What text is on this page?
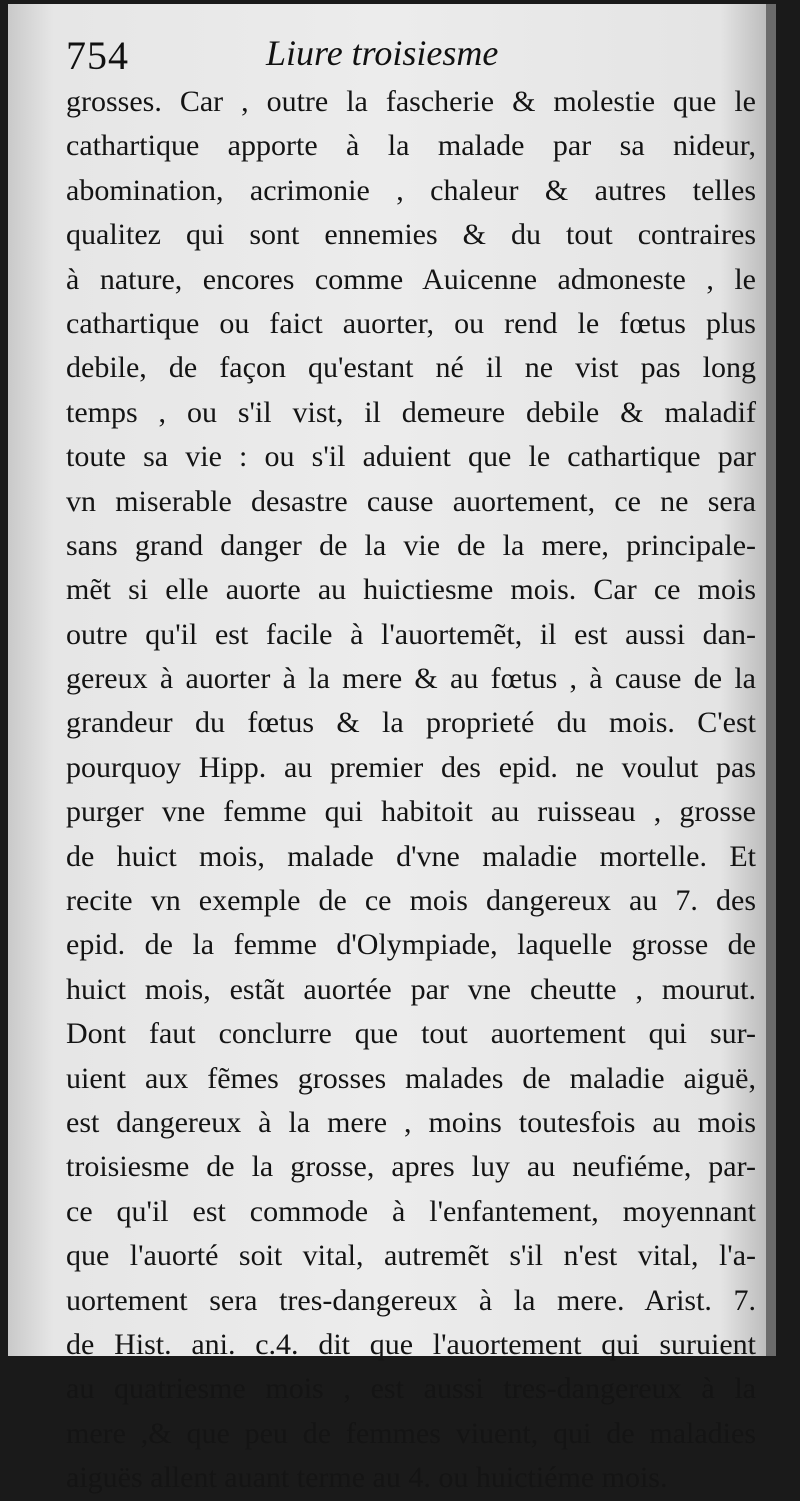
754	Liure troisiesme
grosses. Car , outre la fascherie & molestie que le
cathartique apporte à la malade par sa nideur,
abomination, acrimonie , chaleur & autres telles
qualitez qui sont ennemies & du tout contraires
à nature, encores comme Auicenne admoneste , le
cathartique ou faict auorter, ou rend le fœtus plus
debile, de façon qu'estant né il ne vist pas long
temps , ou s'il vist, il demeure debile & maladif
toute sa vie : ou s'il aduient que le cathartique par
vn miserable desastre cause auortement, ce ne sera
sans grand danger de la vie de la mere, principale-
mẽt si elle auorte au huictiesme mois. Car ce mois
outre qu'il est facile à l'auortemẽt, il est aussi dan-
gereux à auorter à la mere & au fœtus , à cause de la
grandeur du fœtus & la proprieté du mois. C'est
pourquoy Hipp. au premier des epid. ne voulut pas
purger vne femme qui habitoit au ruisseau , grosse
de huict mois, malade d'vne maladie mortelle. Et
recite vn exemple de ce mois dangereux au 7. des
epid. de la femme d'Olympiade, laquelle grosse de
huict mois, estãt auortée par vne cheutte , mourut.
Dont faut conclurre que tout auortement qui sur-
uient aux fẽmes grosses malades de maladie aiguë,
est dangereux à la mere , moins toutesfois au mois
troisiesme de la grosse, apres luy au neufiéme, par-
ce qu'il est commode à l'enfantement, moyennant
que l'auorté soit vital, autremẽt s'il n'est vital, l'a-
uortement sera tres-dangereux à la mere. Arist. 7.
de Hist. ani. c.4. dit que l'auortement qui suruient
au quatriesme mois , est aussi tres-dangereux à la
mere ,& que peu de femmes viuent, qui de maladies
aiguës allent auant terme au 4. ou huictiéme mois.
